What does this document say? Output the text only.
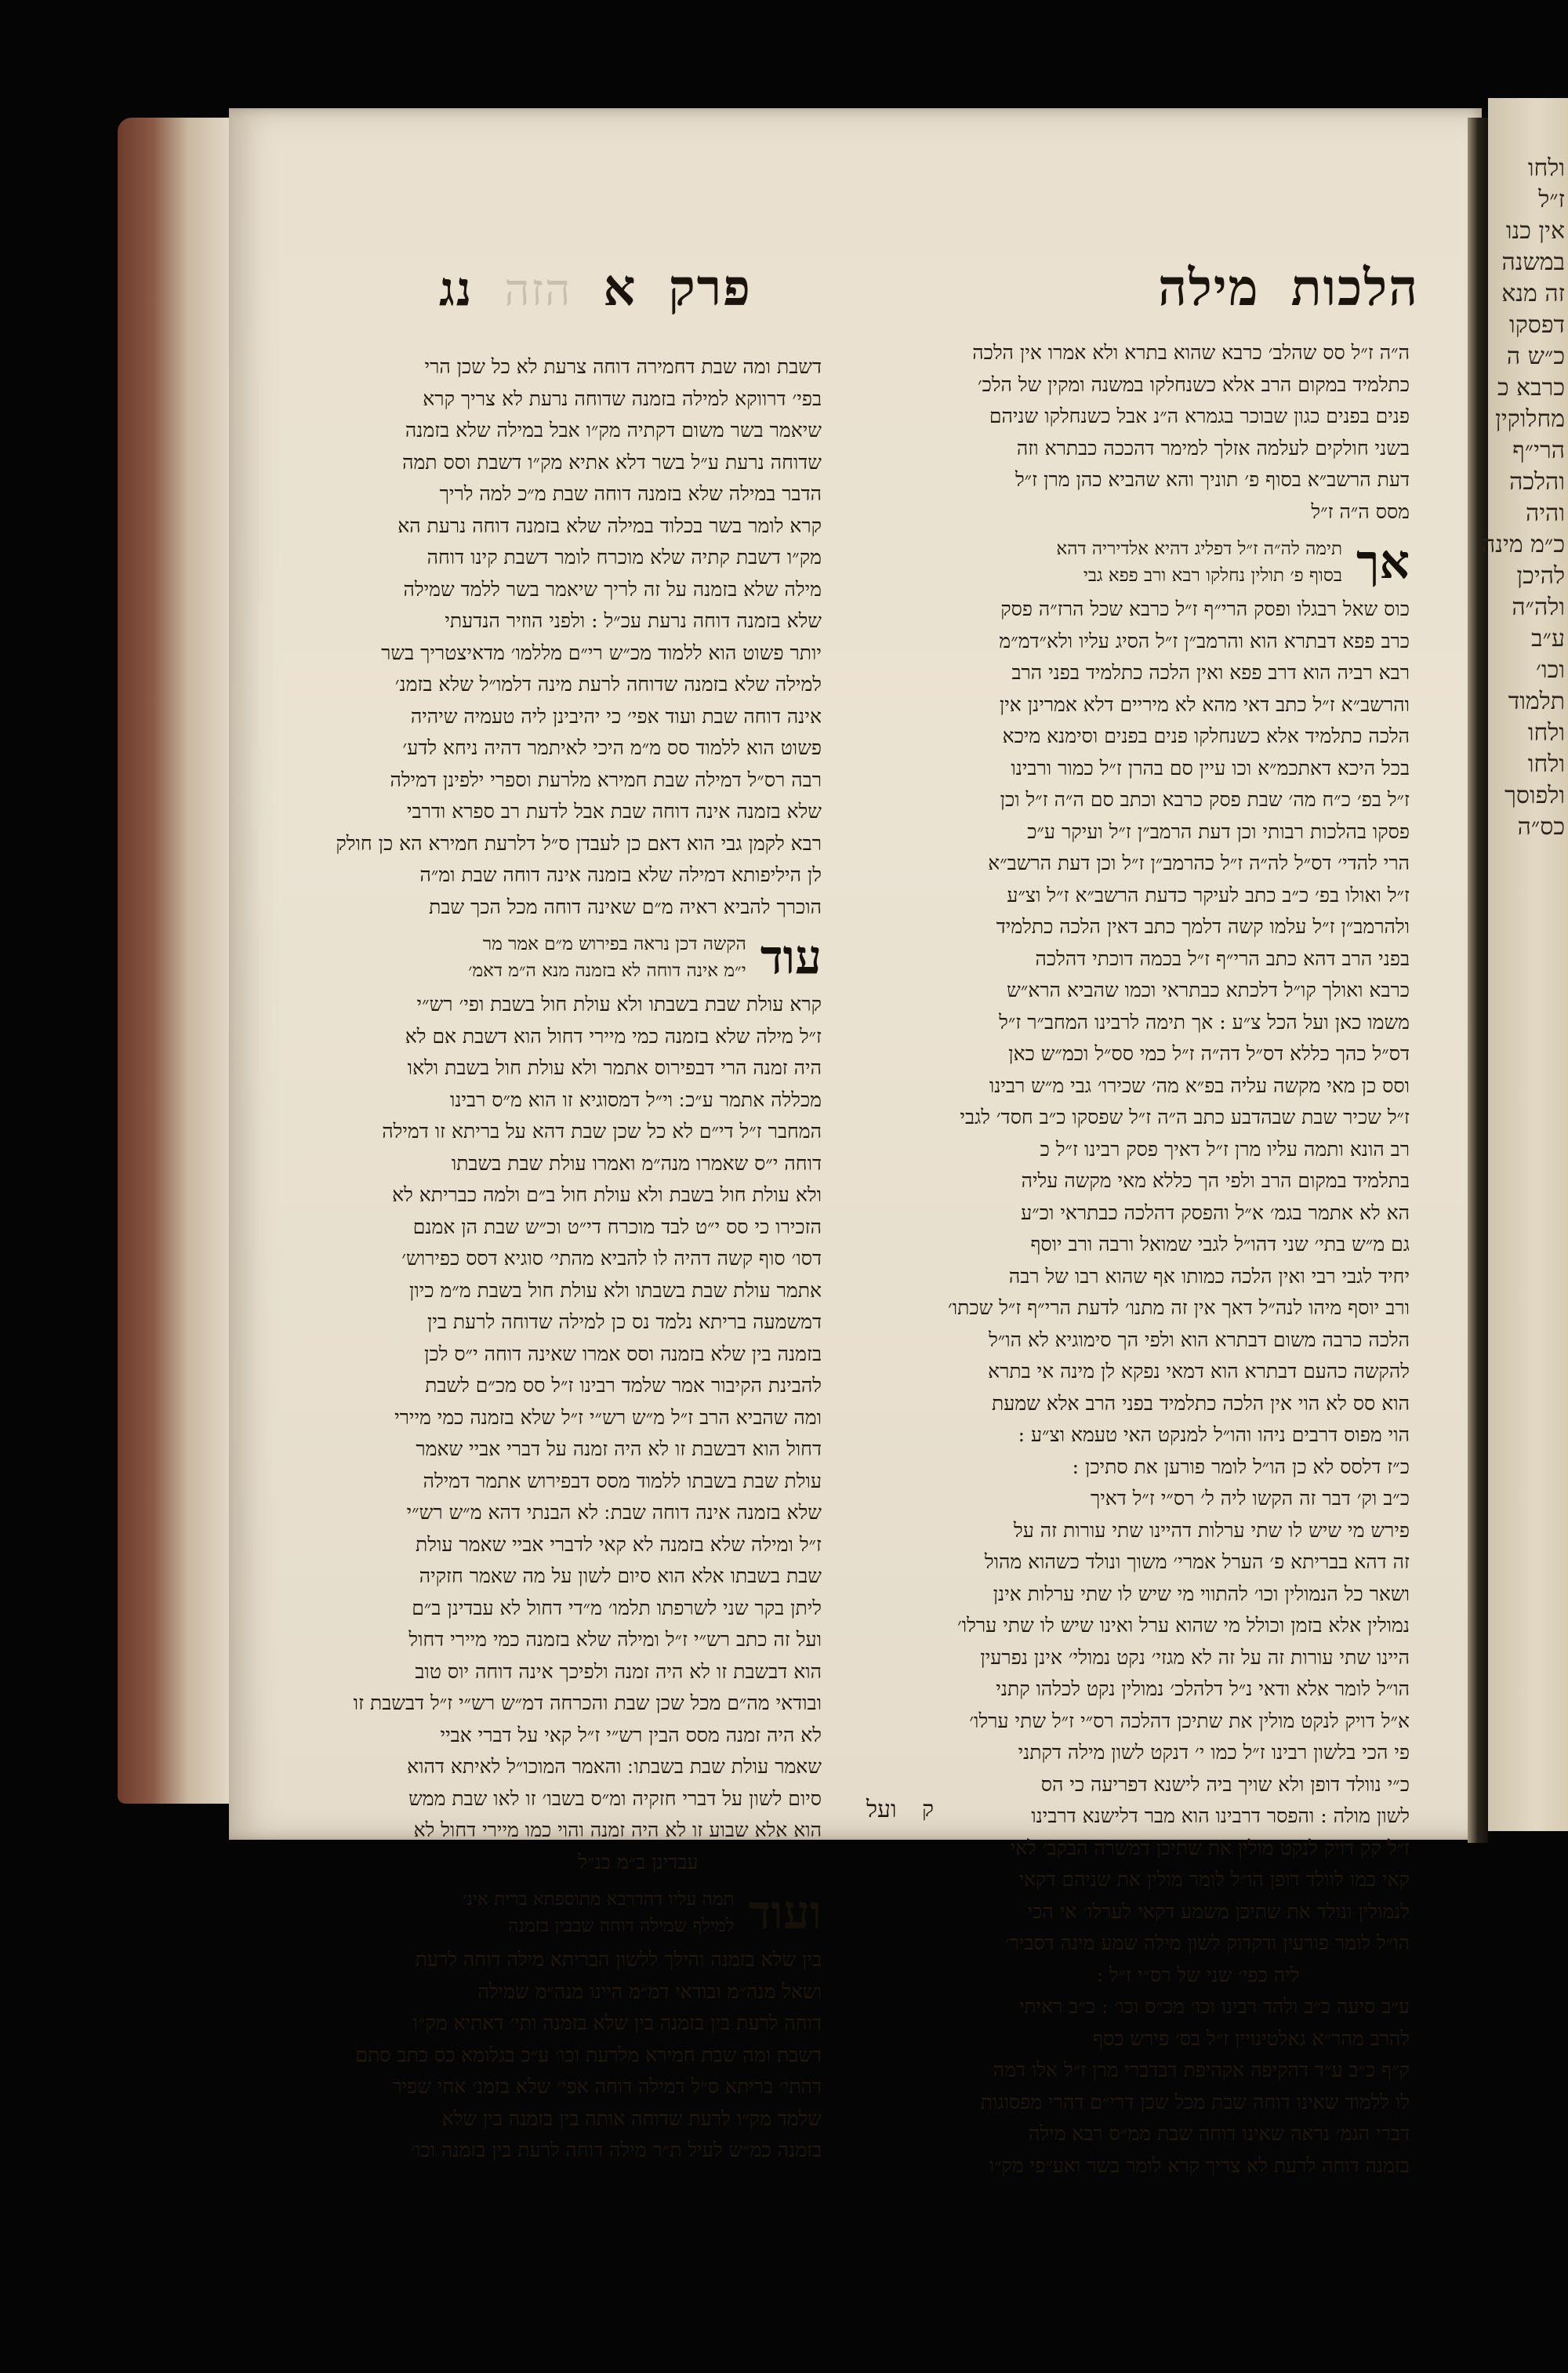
ולחו
ז״ל
אין כנו
במשנה
זה מנא
דפסקו
כ״ש ה
כרבא כ
מחלוקין
הרי״ף
והלכה
והיה
כ״מ מינה
להיכן
ולה״ה
ע״ב
וכו׳
תלמוד
ולחו
ולחו
ולפוסך
כס״ה
הלכות
מילה
פרק
א
הזה
נג
ה״ה ז״ל סס שהלב׳ כרבא שהוא בתרא ולא אמרו אין הלכה
כתלמיד במקום הרב אלא כשנחלקו במשנה ומקין של הלכ׳
פנים בפנים כגון שבוכר בגמרא ה״נ אבל כשנחלקו שניהם
בשני חולקים לעלמה אזלך למימר דהככה כבתרא וזה
דעת הרשב״א בסוף פ׳ תוניך והא שהביא כהן מרן ז״ל
מסס ה״ה ז״ל
אך
תימה לה״ה ז״ל דפליג דהיא אלדיריה דהא
בסוף פ׳ תולין נחלקו רבא ורב פפא גבי
כוס שאל רבגלו ופסק הרי״ף ז״ל כרבא שכל הרז״ה פסק
כרב פפא דבתרא הוא והרמב״ן ז״ל הסיג עליו ולא״דמ״מ
רבא רביה הוא דרב פפא ואין הלכה כתלמיד בפני הרב
והרשב״א ז״ל כתב דאי מהא לא מיריים דלא אמרינן אין
הלכה כתלמיד אלא כשנחלקו פנים בפנים וסימנא מיכא
בכל היכא דאתכמ״א וכו עיין סם בהרן ז״ל כמור ורבינו
ז״ל בפ׳ כ״ח מה׳ שבת פסק כרבא וכתב סם ה״ה ז״ל וכן
פסקו בהלכות רבותי וכן דעת הרמב״ן ז״ל ועיקר ע״כ
הרי להדי׳ דס״ל לה״ה ז״ל כהרמב״ן ז״ל וכן דעת הרשב״א
ז״ל ואולו בפ׳ כ״ב כתב לעיקר כדעת הרשב״א ז״ל וצ״ע
ולהרמב״ן ז״ל עלמו קשה דלמך כתב דאין הלכה כתלמיד
בפני הרב דהא כתב הרי״ף ז״ל בכמה דוכתי דהלכה
כרבא ואולך קו״ל דלכתא כבתראי וכמו שהביא הרא״ש
משמו כאן ועל הכל צ״ע : אך תימה לרבינו המחב״ר ז״ל
דס״ל כהך כללא דס״ל דה״ה ז״ל כמי סס״ל וכמ״ש כאן
וסס כן מאי מקשה עליה בפ״א מה׳ שכירו׳ גבי מ״ש רבינו
ז״ל שכיר שבת שבהדבע כתב ה״ה ז״ל שפסקו כ״ב חסד׳ לגבי
רב הונא ותמה עליו מרן ז״ל דאיך פסק רבינו ז״ל כ
בתלמיד במקום הרב ולפי הך כללא מאי מקשה עליה
הא לא אתמר בגמ׳ א״ל והפסק דהלכה כבתראי וכ״ע
גם מ״ש בתי׳ שני דהו״ל לגבי שמואל ורבה ורב יוסף
יחיד לגבי רבי ואין הלכה כמותו אף שהוא רבו של רבה
ורב יוסף מיהו לנה״ל דאך אין זה מתנו׳ לדעת הרי״ף ז״ל שכתו׳
הלכה כרבה משום דבתרא הוא ולפי הך סימוגיא לא הו״ל
להקשה כהעם דבתרא הוא דמאי נפקא לן מינה אי בתרא
הוא סס לא הוי אין הלכה כתלמיד בפני הרב אלא שמעת
הוי מפוס דרבים ניהו והו״ל למנקט האי טעמא וצ״ע :
כ״ז דלסס לא כן הו״ל לומר פורען את סתיכן :
כ״ב וק׳ דבר זה הקשו ליה ל׳ רס״י ז״ל דאיך
פירש מי שיש לו שתי ערלות דהיינו שתי עורות זה על
זה דהא בבריתא פ׳ הערל אמרי׳ משוך ונולד כשהוא מהול
ושאר כל הנמולין וכו׳ להתווי מי שיש לו שתי ערלות אינן
נמולין אלא בזמן וכולל מי שהוא ערל ואינו שיש לו שתי ערלו׳
היינו שתי עורות זה על זה לא מגזי׳ נקט נמולי׳ אינן נפרעין
הו״ל לומר אלא ודאי נ״ל דלהלכ׳ נמולין נקט לכלהו קתני
א״ל דויק לנקט מולין את שתיכן דהלכה רס״י ז״ל שתי ערלו׳
פי הכי בלשון רבינו ז״ל כמו י׳ דנקט לשון מילה דקתני
כ״י נוולד דופן ולא שויך ביה לישנא דפריעה כי הס
לשון מולה : והפסר דרבינו הוא מבר דלישנא דרבינו
ז״ל קק דויק לנקט מולין את שתיכן דמשרה הבקב׳ לאי
קאי כמו לוולד דופן הו״ל לומר מולין את שניהם דקאי
לנמולין ונולד את שתיכן משמע דקאי לערלו׳ אי הכי
הו״ל לומר פורעין ודקדוק לשון מילה שמע מינה דסביר׳
ליה כפי׳ שני של רס״י ז״ל :
ע״ב סיעה כ״ב ולהד רבינו וכו׳ מכ״ס וכו׳ : כ״ב ראיתי
להרב מהר״א גאלטינויין ז״ל בס׳ פירש כסף
ק״ף כ״ב ע״ד דהקיפה אקהיפת דבדברי מרן ז״ל אלו דמה
לו ללמוד שאינו דוחה שבת מכל שכן דרי״ם דהרי מפסוגות
דברי הגמ׳ נראה שאינו דוחה שבת ממ״ס רבא מילה
בזמנה דוחה לרעת לא צריך קרא לומר בשר ואע״פי מק״ו
דשבת ומה שבת דחמירה דוחה צרעת לא כל שכן הרי
בפי׳ דרווקא למילה בזמנה שדוחה נרעת לא צריך קרא
שיאמר בשר משום דקתיה מק״ו אבל במילה שלא בזמנה
שדוחה נרעת ע״ל בשר דלא אתיא מק״ו דשבת וסס תמה
הדבר במילה שלא בזמנה דוחה שבת מ״כ למה לריך
קרא לומר בשר בכלוד במילה שלא בזמנה דוחה נרעת הא
מק״ו דשבת קתיה שלא מוכרח לומר דשבת קינו דוחה
מילה שלא בזמנה על זה לריך שיאמר בשר ללמד שמילה
שלא בזמנה דוחה נרעת עכ״ל : ולפני הוזיר הנדעתי
יותר פשוט הוא ללמוד מכ״ש רי״ם מללמו׳ מדאיצטריך בשר
למילה שלא בזמנה שדוחה לרעת מינה דלמו״ל שלא בזמנ׳
אינה דוחה שבת ועוד אפי׳ כי יהיבינן ליה טעמיה שיהיה
פשוט הוא ללמוד סס מ״מ היכי לאיתמר דהיה ניחא לדע׳
רבה רס״ל דמילה שבת חמירא מלרעת וספרי ילפינן דמילה
שלא בזמנה אינה דוחה שבת אבל לדעת רב ספרא ודרבי
רבא לקמן גבי הוא דאם כן לעבדן ס״ל דלרעת חמירא הא כן חולק
לן היליפותא דמילה שלא בזמנה אינה דוחה שבת ומ״ה
הוכרך להביא ראיה מ״ם שאינה דוחה מכל הכך שבת
עוד
הקשה דכן נראה בפירוש מ״ם אמר מר
י״מ אינה דוחה לא בזמנה מנא ה״מ דאמ׳
קרא עולת שבת בשבתו ולא עולת חול בשבת ופי׳ רש״י
ז״ל מילה שלא בזמנה כמי מיירי דחול הוא דשבת אם לא
היה זמנה הרי דבפירוס אתמר ולא עולת חול בשבת ולאו
מכללה אתמר ע״כ ׃ וי״ל דמסוגיא זו הוא מ״ס רבינו
המחבר ז״ל די״ם לא כל שכן שבת דהא על בריתא זו דמילה
דוחה י״ס שאמרו מנה״מ ואמרו עולת שבת בשבתו
ולא עולת חול בשבת ולא עולת חול ב״ם ולמה כבריתא לא
הזכירו כי סס י״ט לבד מוכרח די״ט וכ״ש שבת הן אמנם
דסו׳ סוף קשה דהיה לו להביא מהתי׳ סוגיא דסס כפירוש׳
אתמר עולת שבת בשבתו ולא עולת חול בשבת מ״מ כיון
דמשמעה בריתא נלמד נס כן למילה שדוחה לרעת בין
בזמנה בין שלא בזמנה וסס אמרו שאינה דוחה י״ס לכן
להבינת הקיבור אמר שלמד רבינו ז״ל סס מכ״ם לשבת
ומה שהביא הרב ז״ל מ״ש רש״י ז״ל שלא בזמנה כמי מיירי
דחול הוא דבשבת זו לא היה זמנה על דברי אביי שאמר
עולת שבת בשבתו ללמוד מסס דבפירוש אתמר דמילה
שלא בזמנה אינה דוחה שבת ׃ לא הבנתי דהא מ״ש רש״י
ז״ל ומילה שלא בזמנה לא קאי לדברי אביי שאמר עולת
שבת בשבתו אלא הוא סיום לשון על מה שאמר חזקיה
ליתן בקר שני לשרפתו תלמו׳ מ״די דחול לא עבדינן ב״ם
ועל זה כתב רש״י ז״ל ומילה שלא בזמנה כמי מיירי דחול
הוא דבשבת זו לא היה זמנה ולפיכך אינה דוחה יוס טוב
ובודאי מה״ם מכל שכן שבת והכרחה דמ״ש רש״י ז״ל דבשבת זו
לא היה זמנה מסס הבין רש״י ז״ל קאי על דברי אביי
שאמר עולת שבת בשבתו ׃ והאמר המוכו״ל לאיתא דהוא
סיום לשון על דברי חזקיה ומ״ס בשבו׳ זו לאו שבת ממש
הוא אלא שבוע זו לא היה זמנה והוי כמו מיירי דחול לא
עבדינן ב״מ כנ״ל
ועוד
תמה עליו דהדרבא מתוספתא ברית אינ׳
למילף שמילה דוחה שבבין בזמנה
בין שלא בזמנה והילך ללשון הבריתא מילה דוחה לרעת
ושאל מנה״מ ובודאי דמ״מ היינו מנה״מ שמילה
דוחה לרעת בין בזמנה בין שלא בזמנה ותי׳ דאתיא מק״ו
דשבת ומה שבת חמירא מלרעת וכו׳ ע״כ בגלומא כס כתב סתם
דהתי׳ בריתא ס״ל דמילה דוחה אפי׳ שלא בזמנ׳ אחי שפיר
שלמד מק״ו לרעת שדוחה אותה בין בזמנה בין שלא
בזמנה כמ״ש לעיל ת״ר מילה דוחה לרעת בין בזמנה וכו׳
ק
ועל
